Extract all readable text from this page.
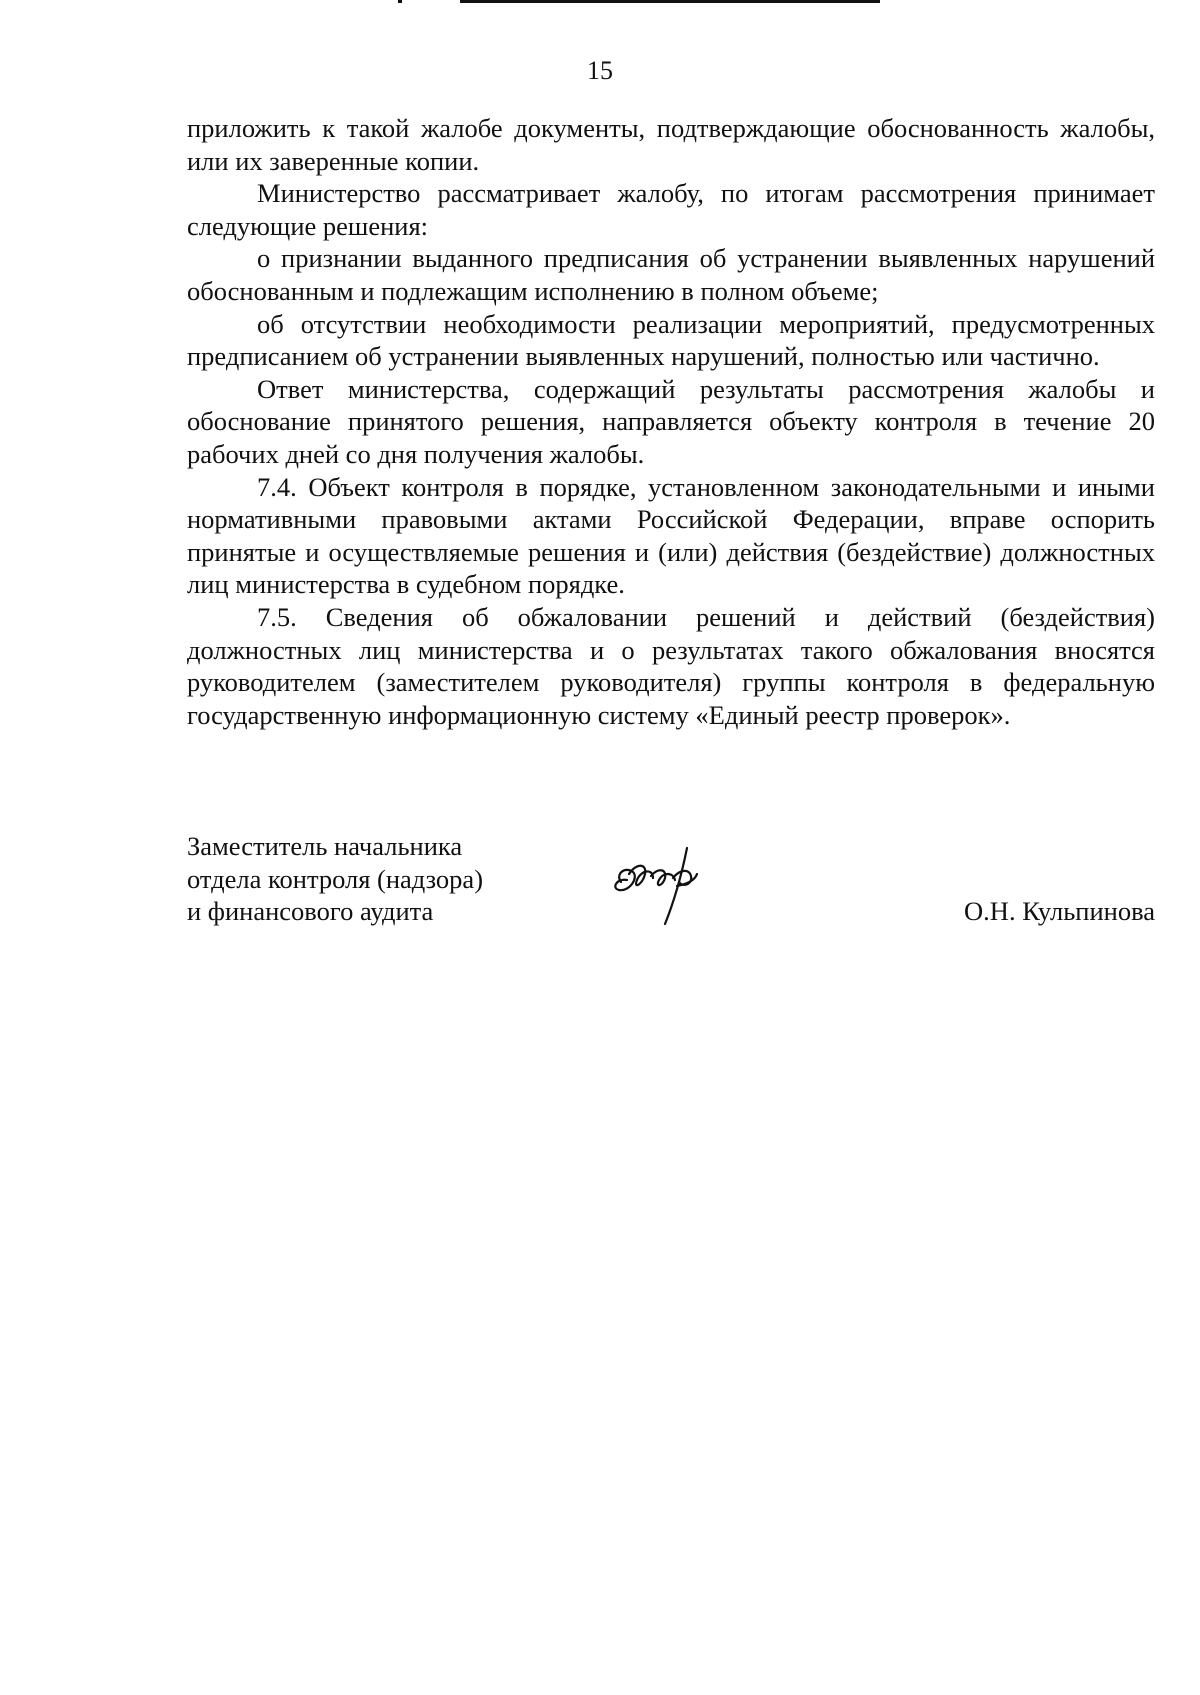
15

приложить к такой жалобе документы, подтверждающие обоснованность жалобы, или их заверенные копии.

Министерство рассматривает жалобу, по итогам рассмотрения принимает следующие решения:

о признании выданного предписания об устранении выявленных нарушений обоснованным и подлежащим исполнению в полном объеме;

об отсутствии необходимости реализации мероприятий, предусмотренных предписанием об устранении выявленных нарушений, полностью или частично.

Ответ министерства, содержащий результаты рассмотрения жалобы и обоснование принятого решения, направляется объекту контроля в течение 20 рабочих дней со дня получения жалобы.

7.4. Объект контроля в порядке, установленном законодательными и иными нормативными правовыми актами Российской Федерации, вправе оспорить принятые и осуществляемые решения и (или) действия (бездействие) должностных лиц министерства в судебном порядке.

7.5. Сведения об обжаловании решений и действий (бездействия) должностных лиц министерства и о результатах такого обжалования вносятся руководителем (заместителем руководителя) группы контроля в федеральную государственную информационную систему «Единый реестр проверок».

Заместитель начальника
отдела контроля (надзора)
и финансового аудита	О.Н. Кульпинова
